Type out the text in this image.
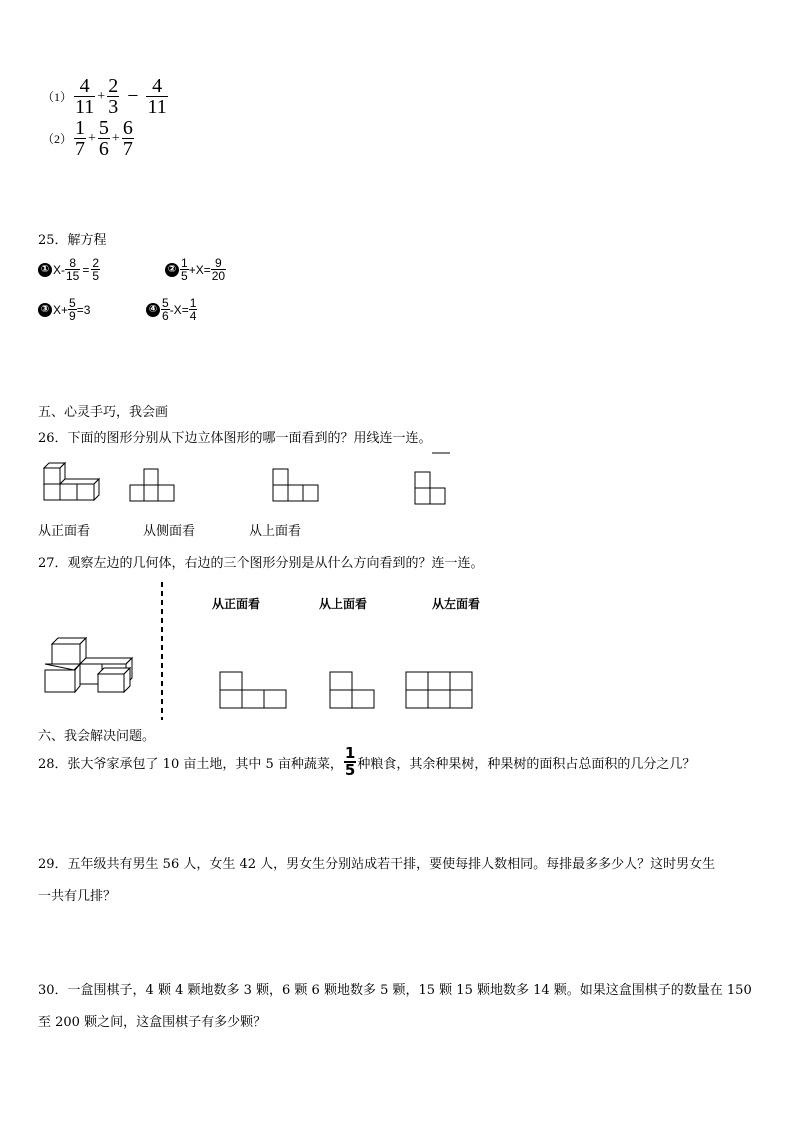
$(1) \frac{4}{11} + \frac{2}{3} - \frac{4}{11}$
$(2) \frac{1}{7} + \frac{5}{6} + \frac{6}{7}$
25．解方程
① $X- \frac{8}{15} = \frac{2}{5}$	② $\frac{1}{5} +X= \frac{9}{20}$
③ $X+ \frac{5}{9} =3$	④ $\frac{5}{6} -X= \frac{1}{4}$
五、心灵手巧，我会画
26．下面的图形分别从下边立体图形的哪一面看到的？用线连一连。
从正面看	从侧面看	从上面看
27．观察左边的几何体，右边的三个图形分别是从什么方向看到的？连一连。
从正面看	从上面看	从左面看
六、我会解决问题。
28．张大爷家承包了 10 亩土地，其中 5 亩种蔬菜， $\frac{1}{5}$ 种粮食，其余种果树，种果树的面积占总面积的几分之几？
29．五年级共有男生 56 人，女生 42 人，男女生分别站成若干排，要使每排人数相同。每排最多多少人？这时男女生
一共有几排？
30．一盒围棋子，4 颗 4 颗地数多 3 颗，6 颗 6 颗地数多 5 颗，15 颗 15 颗地数多 14 颗。如果这盒围棋子的数量在 150
至 200 颗之间，这盒围棋子有多少颗？
